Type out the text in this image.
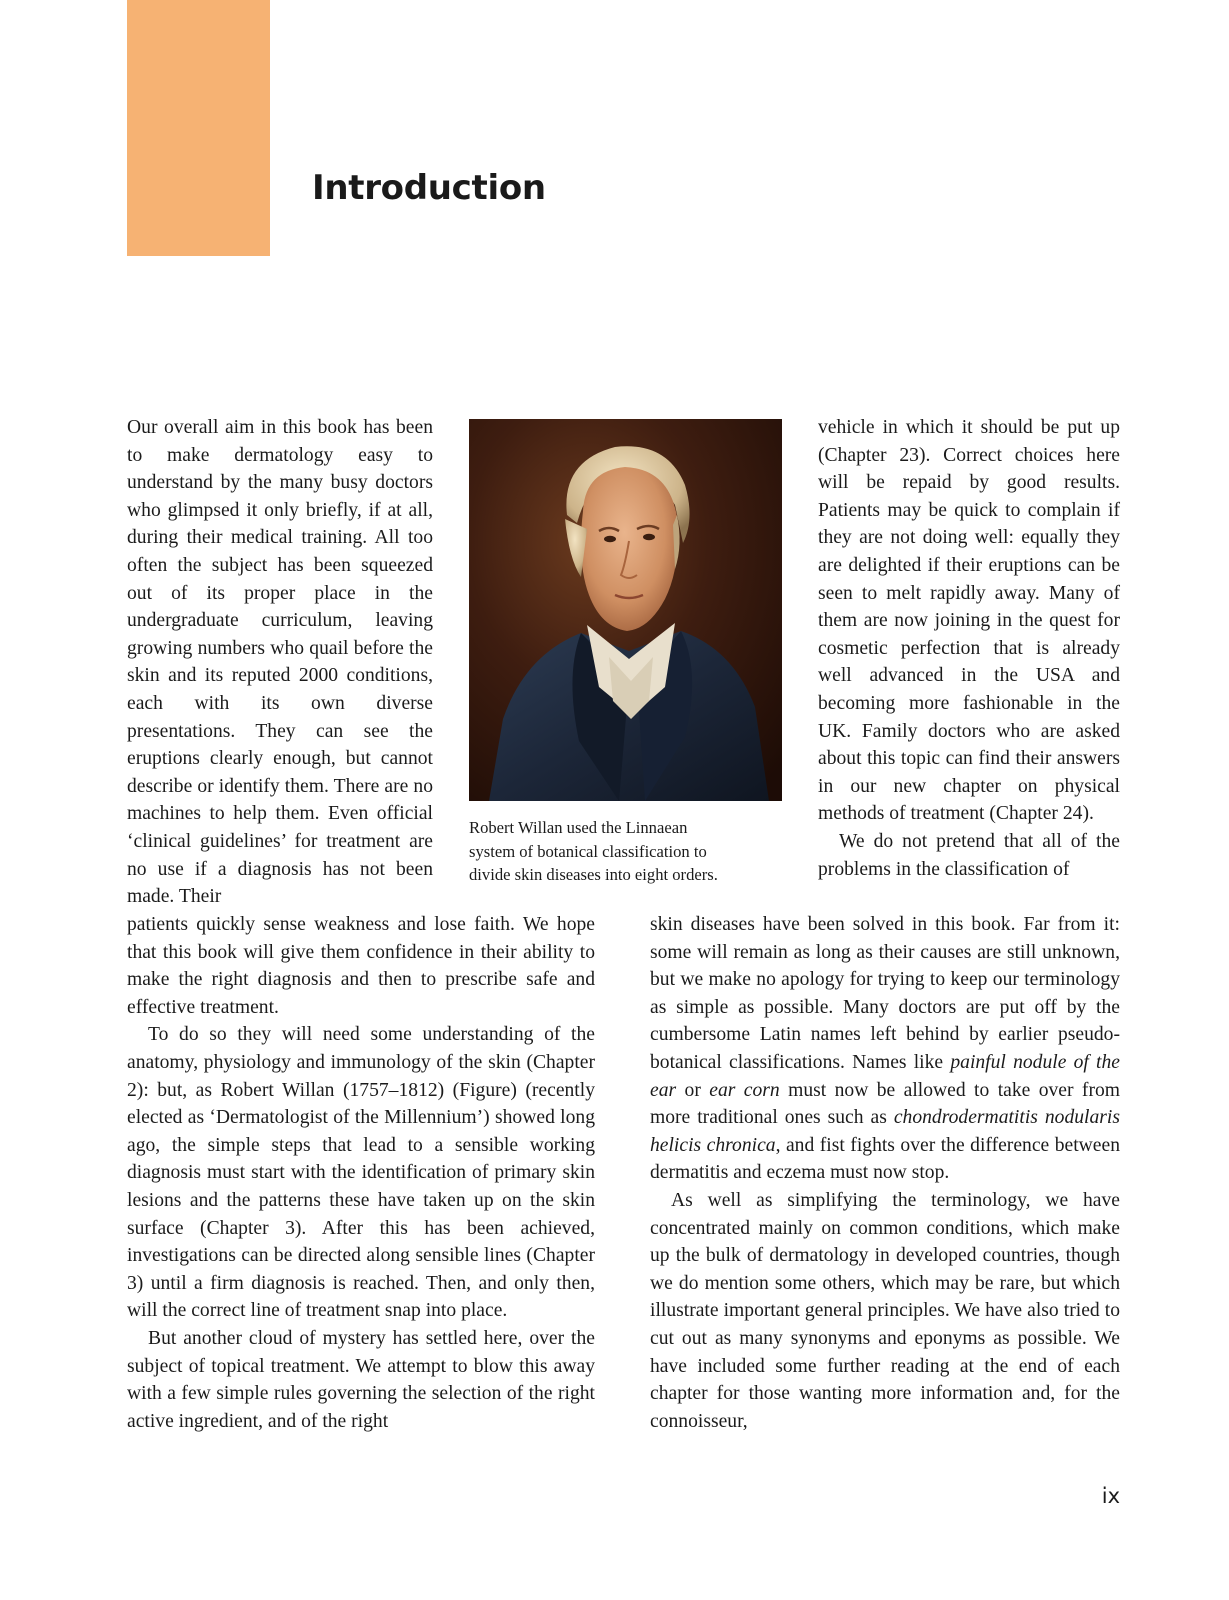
Introduction

Our overall aim in this book has been to make dermatology easy to understand by the many busy doctors who glimpsed it only briefly, if at all, during their medical training. All too often the subject has been squeezed out of its proper place in the undergraduate curriculum, leaving growing numbers who quail before the skin and its reputed 2000 conditions, each with its own diverse presentations. They can see the eruptions clearly enough, but cannot describe or identify them. There are no machines to help them. Even official ‘clinical guidelines’ for treatment are no use if a diagnosis has not been made. Their

Robert Willan used the Linnaean
system of botanical classification to
divide skin diseases into eight orders.

patients quickly sense weakness and lose faith. We hope that this book will give them confidence in their ability to make the right diagnosis and then to prescribe safe and effective treatment.

To do so they will need some understanding of the anatomy, physiology and immunology of the skin (Chapter 2): but, as Robert Willan (1757–1812) (Figure) (recently elected as ‘Dermatologist of the Millennium’) showed long ago, the simple steps that lead to a sensible working diagnosis must start with the identification of primary skin lesions and the patterns these have taken up on the skin surface (Chapter 3). After this has been achieved, investigations can be directed along sensible lines (Chapter 3) until a firm diagnosis is reached. Then, and only then, will the correct line of treatment snap into place.

But another cloud of mystery has settled here, over the subject of topical treatment. We attempt to blow this away with a few simple rules governing the selection of the right active ingredient, and of the right

vehicle in which it should be put up (Chapter 23). Correct choices here will be repaid by good results. Patients may be quick to complain if they are not doing well: equally they are delighted if their eruptions can be seen to melt rapidly away. Many of them are now joining in the quest for cosmetic perfection that is already well advanced in the USA and becoming more fashionable in the UK. Family doctors who are asked about this topic can find their answers in our new chapter on physical methods of treatment (Chapter 24).

We do not pretend that all of the problems in the classification of

skin diseases have been solved in this book. Far from it: some will remain as long as their causes are still unknown, but we make no apology for trying to keep our terminology as simple as possible. Many doctors are put off by the cumbersome Latin names left behind by earlier pseudo-botanical classifications. Names like painful nodule of the ear or ear corn must now be allowed to take over from more traditional ones such as chondrodermatitis nodularis helicis chronica, and fist fights over the difference between dermatitis and eczema must now stop.

As well as simplifying the terminology, we have concentrated mainly on common conditions, which make up the bulk of dermatology in developed countries, though we do mention some others, which may be rare, but which illustrate important general principles. We have also tried to cut out as many synonyms and eponyms as possible. We have included some further reading at the end of each chapter for those wanting more information and, for the connoisseur,

ix
